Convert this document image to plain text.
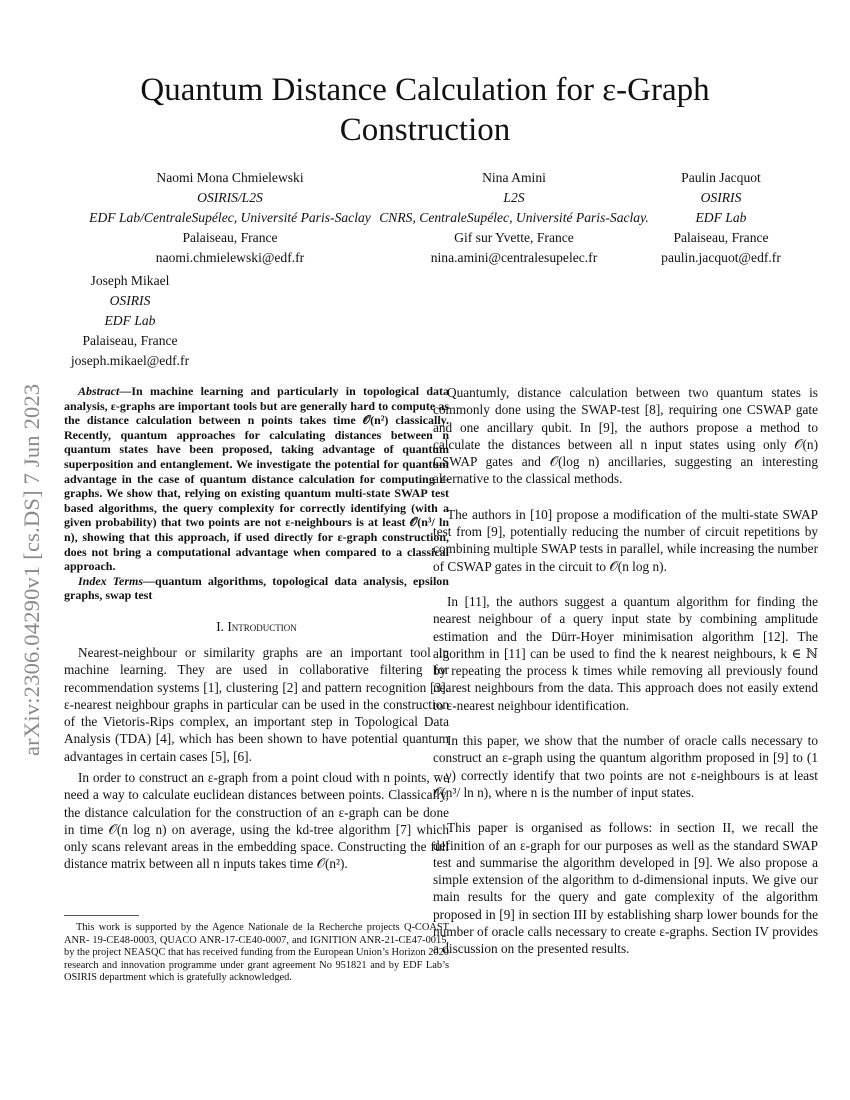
arXiv:2306.04290v1 [cs.DS] 7 Jun 2023
Quantum Distance Calculation for ε-Graph Construction
Naomi Mona Chmielewski
OSIRIS/L2S
EDF Lab/CentraleSupélec, Université Paris-Saclay
Palaiseau, France
naomi.chmielewski@edf.fr
Nina Amini
L2S
CNRS, CentraleSupélec, Université Paris-Saclay.
Gif sur Yvette, France
nina.amini@centralesupelec.fr
Paulin Jacquot
OSIRIS
EDF Lab
Palaiseau, France
paulin.jacquot@edf.fr
Joseph Mikael
OSIRIS
EDF Lab
Palaiseau, France
joseph.mikael@edf.fr
Abstract—In machine learning and particularly in topological data analysis, ε-graphs are important tools but are generally hard to compute as the distance calculation between n points takes time 𝒪(n²) classically. Recently, quantum approaches for calculating distances between n quantum states have been proposed, taking advantage of quantum superposition and entanglement. We investigate the potential for quantum advantage in the case of quantum distance calculation for computing ε-graphs. We show that, relying on existing quantum multi-state SWAP test based algorithms, the query complexity for correctly identifying (with a given probability) that two points are not ε-neighbours is at least 𝒪(n³/ ln n), showing that this approach, if used directly for ε-graph construction, does not bring a computational advantage when compared to a classical approach.
Index Terms—quantum algorithms, topological data analysis, epsilon graphs, swap test
I. Introduction

Nearest-neighbour or similarity graphs are an important tool in machine learning. They are used in collaborative filtering for recommendation systems [1], clustering [2] and pattern recognition [3]. ε-nearest neighbour graphs in particular can be used in the construction of the Vietoris-Rips complex, an important step in Topological Data Analysis (TDA) [4], which has been shown to have potential quantum advantages in certain cases [5], [6].

In order to construct an ε-graph from a point cloud with n points, we need a way to calculate euclidean distances between points. Classically, the distance calculation for the construction of an ε-graph can be done in time 𝒪(n log n) on average, using the kd-tree algorithm [7] which only scans relevant areas in the embedding space. Constructing the full distance matrix between all n inputs takes time 𝒪(n²).

This work is supported by the Agence Nationale de la Recherche projects Q-COAST ANR- 19-CE48-0003, QUACO ANR-17-CE40-0007, and IGNITION ANR-21-CE47-0015, by the project NEASQC that has received funding from the European Union’s Horizon 2020 research and innovation programme under grant agreement No 951821 and by EDF Lab’s OSIRIS department which is gratefully acknowledged.

Quantumly, distance calculation between two quantum states is commonly done using the SWAP-test [8], requiring one CSWAP gate and one ancillary qubit. In [9], the authors propose a method to calculate the distances between all n input states using only 𝒪(n) CSWAP gates and 𝒪(log n) ancillaries, suggesting an interesting alternative to the classical methods.

The authors in [10] propose a modification of the multi-state SWAP test from [9], potentially reducing the number of circuit repetitions by combining multiple SWAP tests in parallel, while increasing the number of CSWAP gates in the circuit to 𝒪(n log n).

In [11], the authors suggest a quantum algorithm for finding the nearest neighbour of a query input state by combining amplitude estimation and the Dürr-Hoyer minimisation algorithm [12]. The algorithm in [11] can be used to find the k nearest neighbours, k ∈ ℕ by repeating the process k times while removing all previously found nearest neighbours from the data. This approach does not easily extend to ε-nearest neighbour identification.

In this paper, we show that the number of oracle calls necessary to construct an ε-graph using the quantum algorithm proposed in [9] to (1 − γ) correctly identify that two points are not ε-neighbours is at least 𝒪(n³/ ln n), where n is the number of input states.

This paper is organised as follows: in section II, we recall the definition of an ε-graph for our purposes as well as the standard SWAP test and summarise the algorithm developed in [9]. We also propose a simple extension of the algorithm to d-dimensional inputs. We give our main results for the query and gate complexity of the algorithm proposed in [9] in section III by establishing sharp lower bounds for the number of oracle calls necessary to create ε-graphs. Section IV provides a discussion on the presented results.
